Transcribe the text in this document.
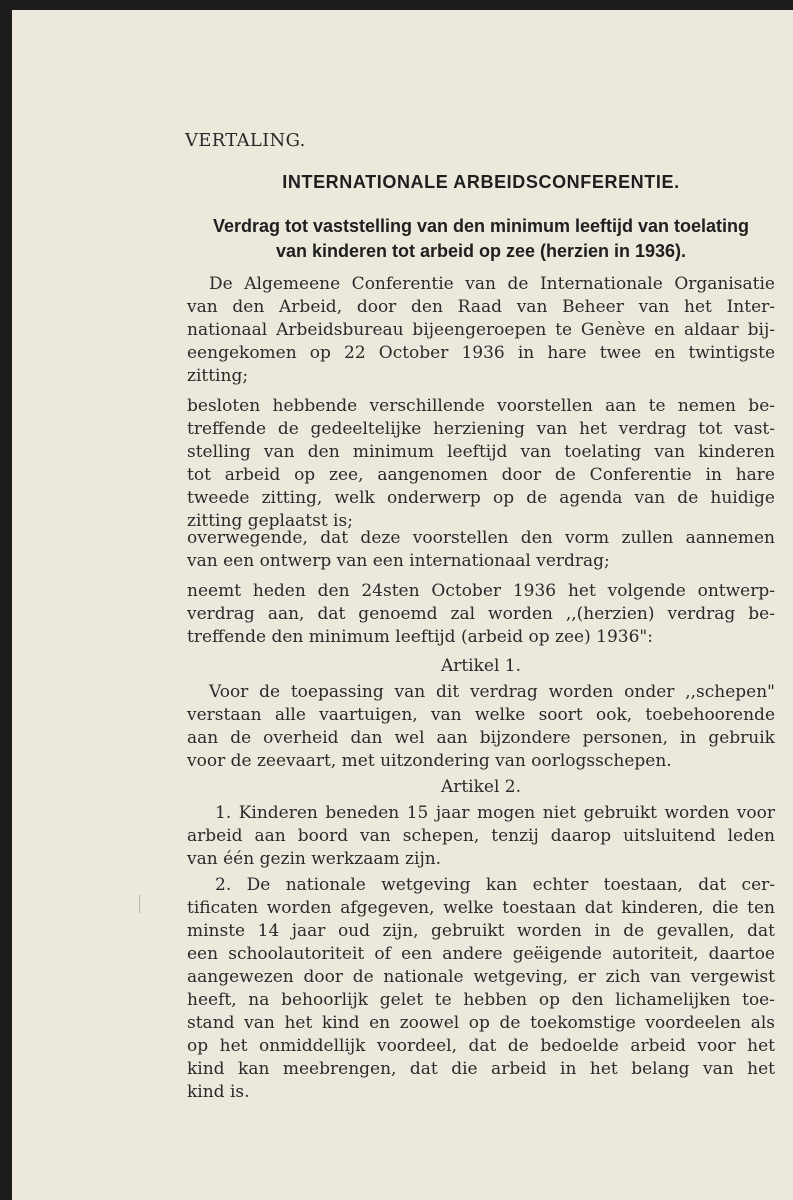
VERTALING.

INTERNATIONALE ARBEIDSCONFERENTIE.

Verdrag tot vaststelling van den minimum leeftijd van toelating
van kinderen tot arbeid op zee (herzien in 1936).

De Algemeene Conferentie van de Internationale Organisatie

van den Arbeid, door den Raad van Beheer van het Inter-

nationaal Arbeidsbureau bijeengeroepen te Genève en aldaar bij-

eengekomen op 22 October 1936 in hare twee en twintigste

zitting;

besloten hebbende verschillende voorstellen aan te nemen be-

treffende de gedeeltelijke herziening van het verdrag tot vast-

stelling van den minimum leeftijd van toelating van kinderen

tot arbeid op zee, aangenomen door de Conferentie in hare

tweede zitting, welk onderwerp op de agenda van de huidige

zitting geplaatst is;

overwegende, dat deze voorstellen den vorm zullen aannemen

van een ontwerp van een internationaal verdrag;

neemt heden den 24sten October 1936 het volgende ontwerp-

verdrag aan, dat genoemd zal worden ,,(herzien) verdrag be-

treffende den minimum leeftijd (arbeid op zee) 1936":

Artikel 1.

Voor de toepassing van dit verdrag worden onder ,,schepen"

verstaan alle vaartuigen, van welke soort ook, toebehoorende

aan de overheid dan wel aan bijzondere personen, in gebruik

voor de zeevaart, met uitzondering van oorlogsschepen.

Artikel 2.

1. Kinderen beneden 15 jaar mogen niet gebruikt worden voor

arbeid aan boord van schepen, tenzij daarop uitsluitend leden

van één gezin werkzaam zijn.

2. De nationale wetgeving kan echter toestaan, dat cer-

tificaten worden afgegeven, welke toestaan dat kinderen, die ten

minste 14 jaar oud zijn, gebruikt worden in de gevallen, dat

een schoolautoriteit of een andere geëigende autoriteit, daartoe

aangewezen door de nationale wetgeving, er zich van vergewist

heeft, na behoorlijk gelet te hebben op den lichamelijken toe-

stand van het kind en zoowel op de toekomstige voordeelen als

op het onmiddellijk voordeel, dat de bedoelde arbeid voor het

kind kan meebrengen, dat die arbeid in het belang van het

kind is.
